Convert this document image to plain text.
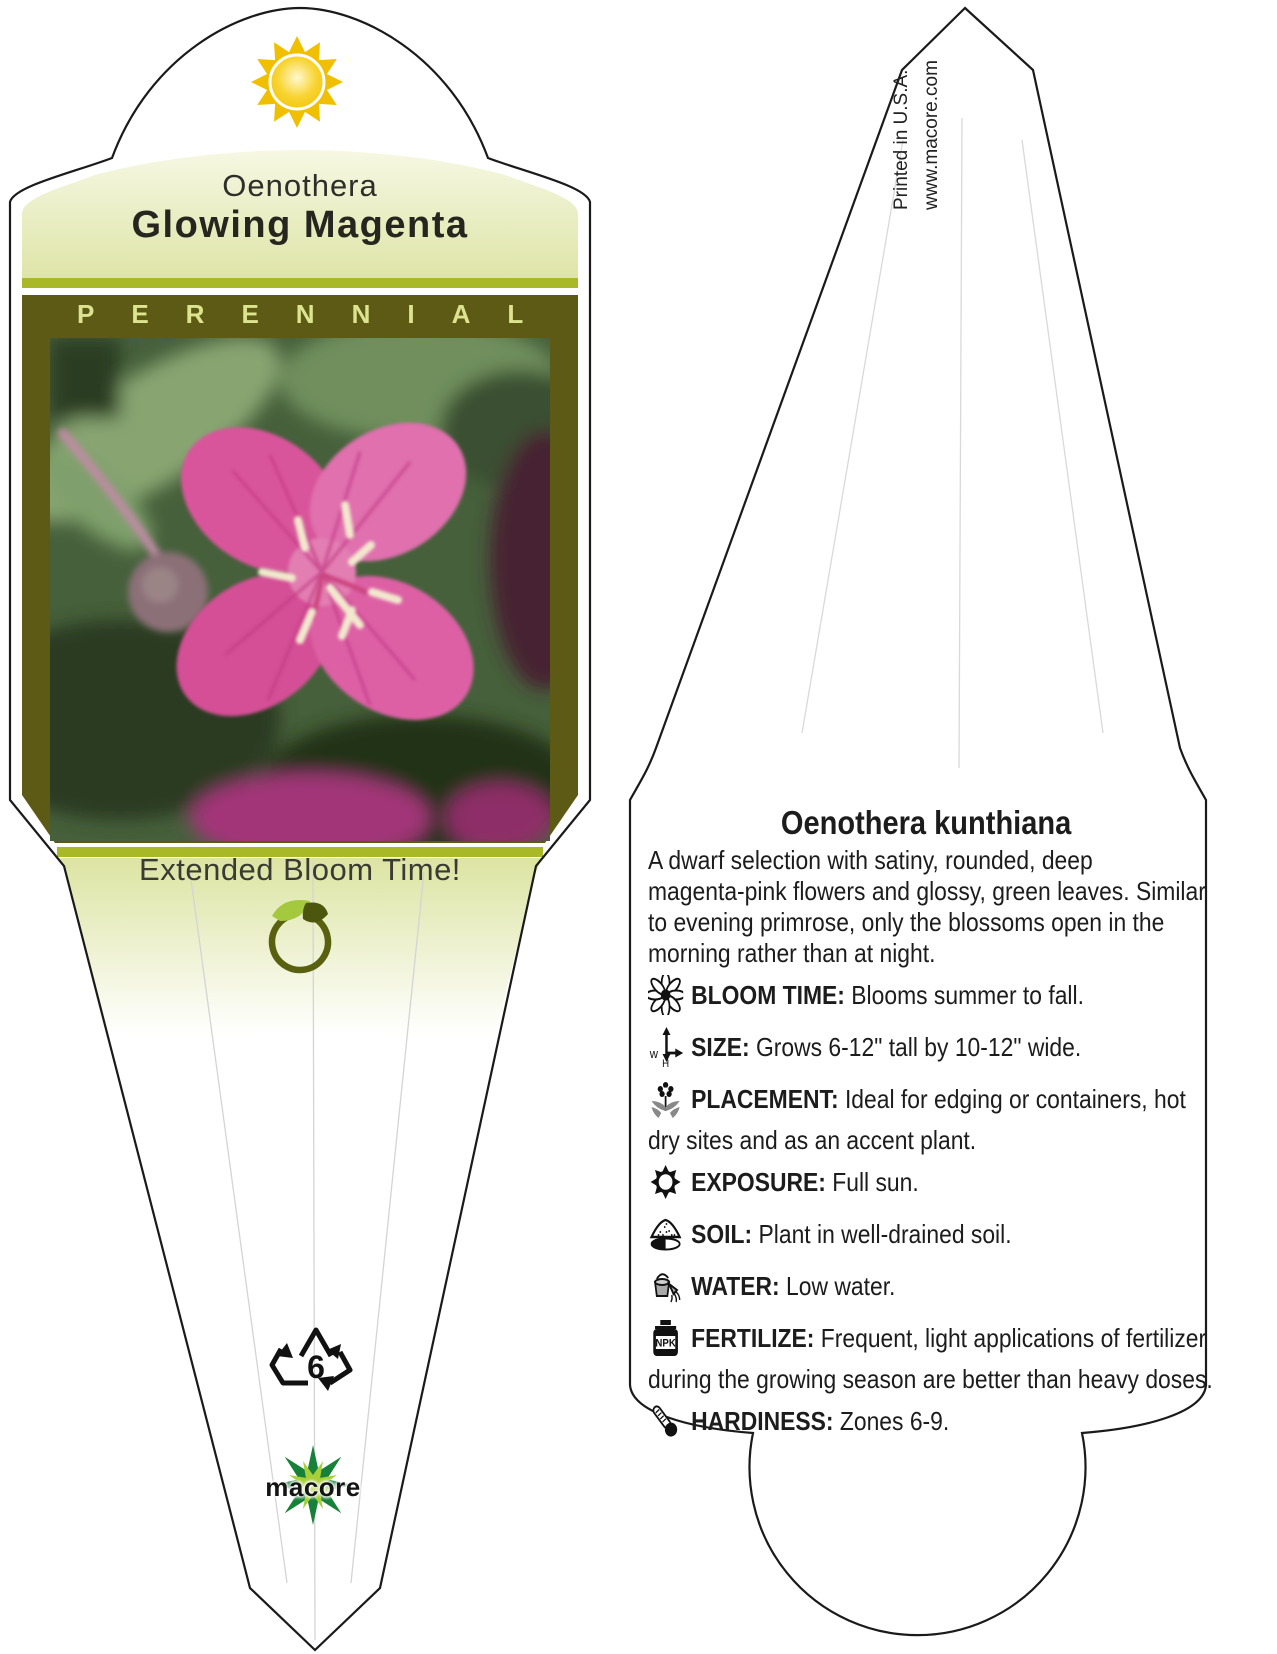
6
Oenothera
Glowing Magenta
PERENNIAL
Extended Bloom Time!
macore
Printed in U.S.A. www.macore.com
Oenothera kunthiana
A dwarf selection with satiny, rounded, deep
magenta-pink flowers and glossy, green leaves. Similar
to evening primrose, only the blossoms open in the
morning rather than at night.
BLOOM TIME: Blooms summer to fall.
w
H
SIZE: Grows 6-12" tall by 10-12" wide.
PLACEMENT: Ideal for edging or containers, hot
dry sites and as an accent plant.
EXPOSURE: Full sun.
SOIL: Plant in well-drained soil.
WATER: Low water.
NPK FERTILIZE: Frequent, light applications of fertilizer
during the growing season are better than heavy doses.
HARDINESS: Zones 6-9.
